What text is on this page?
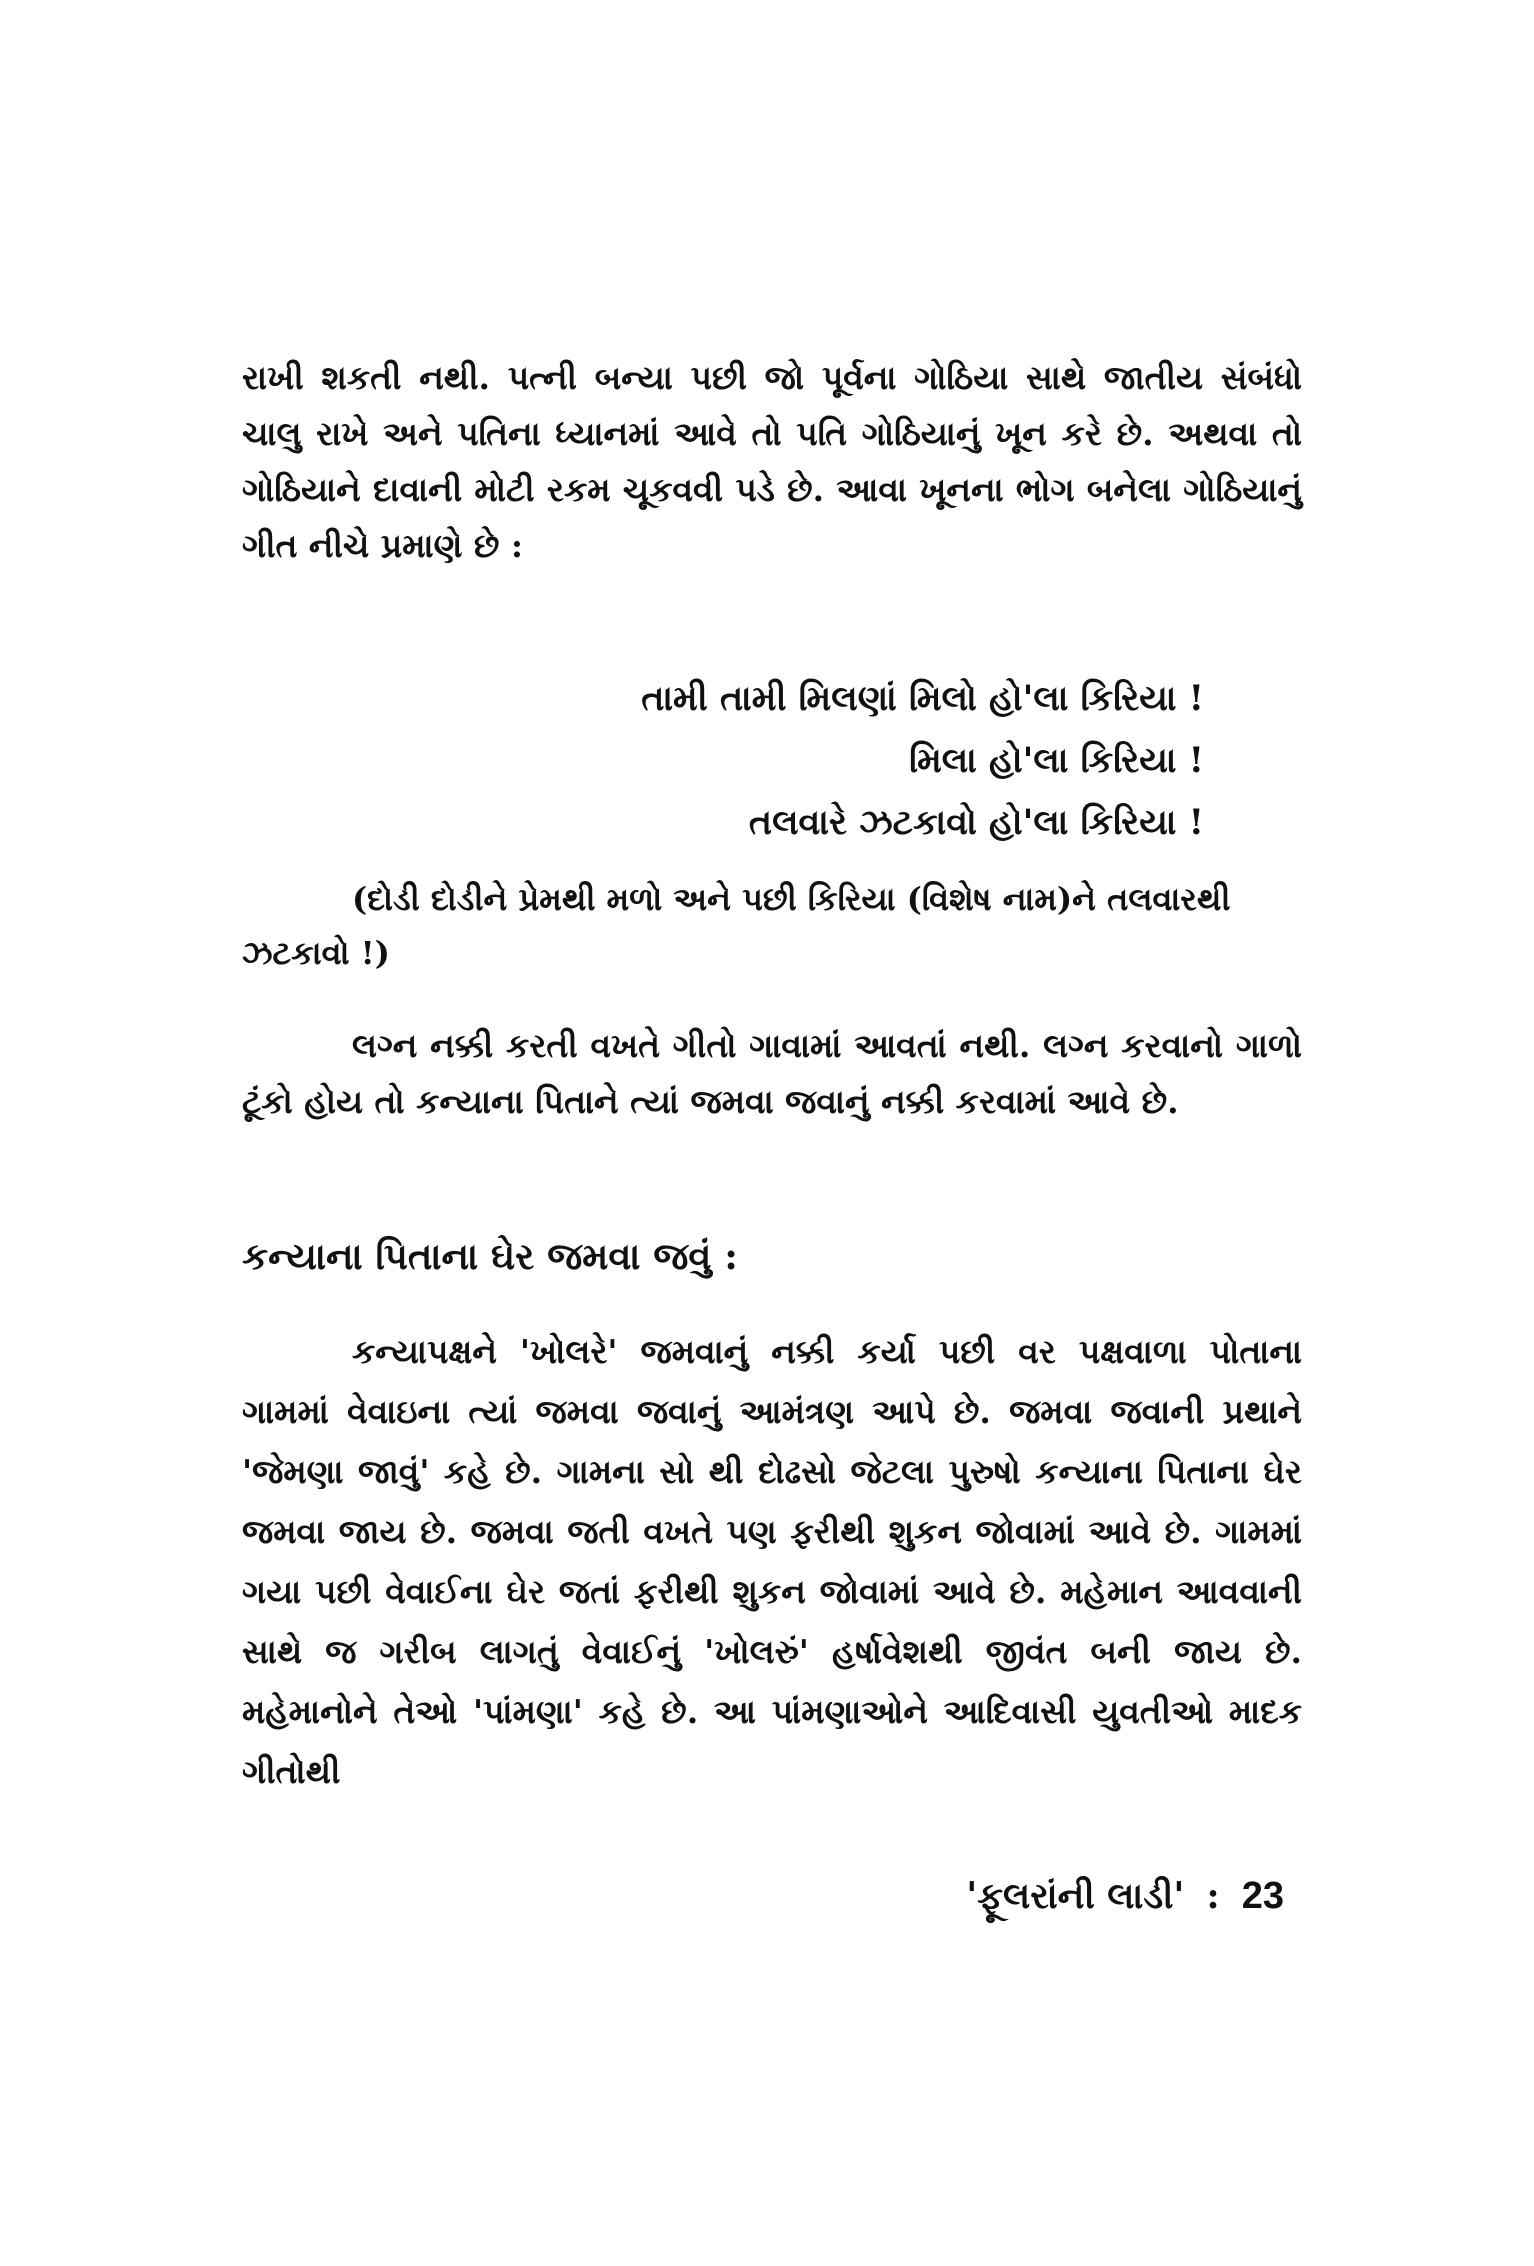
રાખી શકતી નથી. પત્ની બન્યા પછી જો પૂર્વના ગોઠિયા સાથે જાતીય સંબંધો ચાલુ રાખે અને પતિના ધ્યાનમાં આવે તો પતિ ગોઠિયાનું ખૂન કરે છે. અથવા તો ગોઠિયાને દાવાની મોટી રકમ ચૂકવવી પડે છે. આવા ખૂનના ભોગ બનેલા ગોઠિયાનું ગીત નીચે પ્રમાણે છે :

તામી તામી મિલણાં મિલો હો'લા કિરિયા !
મિલા હો'લા કિરિયા !
તલવારે ઝટકાવો હો'લા કિરિયા !

(દોડી દોડીને પ્રેમથી મળો અને પછી કિરિયા (વિશેષ નામ)ને તલવારથી ઝટકાવો !)

લગ્ન નક્કી કરતી વખતે ગીતો ગાવામાં આવતાં નથી. લગ્ન કરવાનો ગાળો ટૂંકો હોય તો કન્યાના પિતાને ત્યાં જમવા જવાનું નક્કી કરવામાં આવે છે.

કન્યાના પિતાના ઘેર જમવા જવું :

કન્યાપક્ષને 'ખોલરે' જમવાનું નક્કી કર્યા પછી વર પક્ષવાળા પોતાના ગામમાં વેવાઇના ત્યાં જમવા જવાનું આમંત્રણ આપે છે. જમવા જવાની પ્રથાને 'જેમણા જાવું' કહે છે. ગામના સો થી દોઢસો જેટલા પુરુષો કન્યાના પિતાના ઘેર જમવા જાય છે. જમવા જતી વખતે પણ ફરીથી શુકન જોવામાં આવે છે. ગામમાં ગયા પછી વેવાઈના ઘેર જતાં ફરીથી શુકન જોવામાં આવે છે. મહેમાન આવવાની સાથે જ ગરીબ લાગતું વેવાઈનું 'ખોલરું' હર્ષાવેશથી જીવંત બની જાય છે. મહેમાનોને તેઓ 'પાંમણા' કહે છે. આ પાંમણાઓને આદિવાસી યુવતીઓ માદક ગીતોથી

'ફૂલરાંની લાડી' : 23
